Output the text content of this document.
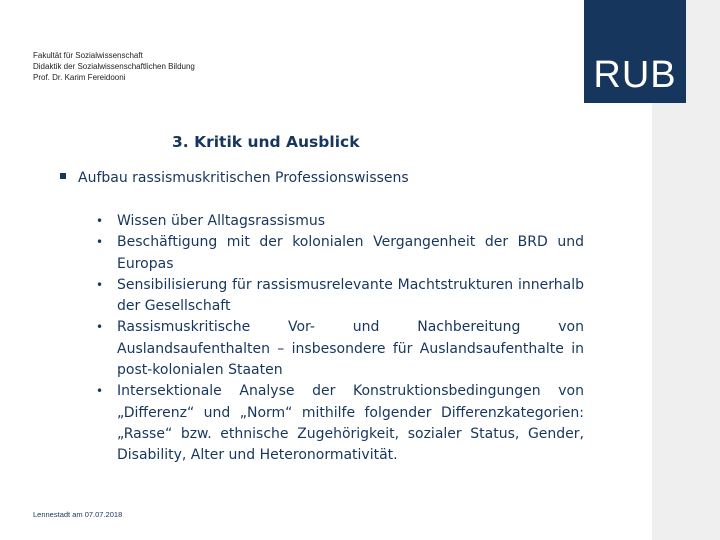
RUB
Fakultät für Sozialwissenschaft
Didaktik der Sozialwissenschaftlichen Bildung
Prof. Dr. Karim Fereidooni
3. Kritik und Ausblick
Aufbau rassismuskritischen Professionswissens
• Wissen über Alltagsrassismus
• Beschäftigung mit der kolonialen Vergangenheit der BRD und Europas
• Sensibilisierung für rassismusrelevante Machtstrukturen innerhalb der Gesellschaft
• Rassismuskritische Vor- und Nachbereitung von Auslandsaufenthalten – insbesondere für Auslandsaufenthalte in post-kolonialen Staaten
• Intersektionale Analyse der Konstruktionsbedingungen von „Differenz“ und „Norm“ mithilfe folgender Differenzkategorien: „Rasse“ bzw. ethnische Zugehörigkeit, sozialer Status, Gender, Disability, Alter und Heteronormativität.
Lennestadt am 07.07.2018
